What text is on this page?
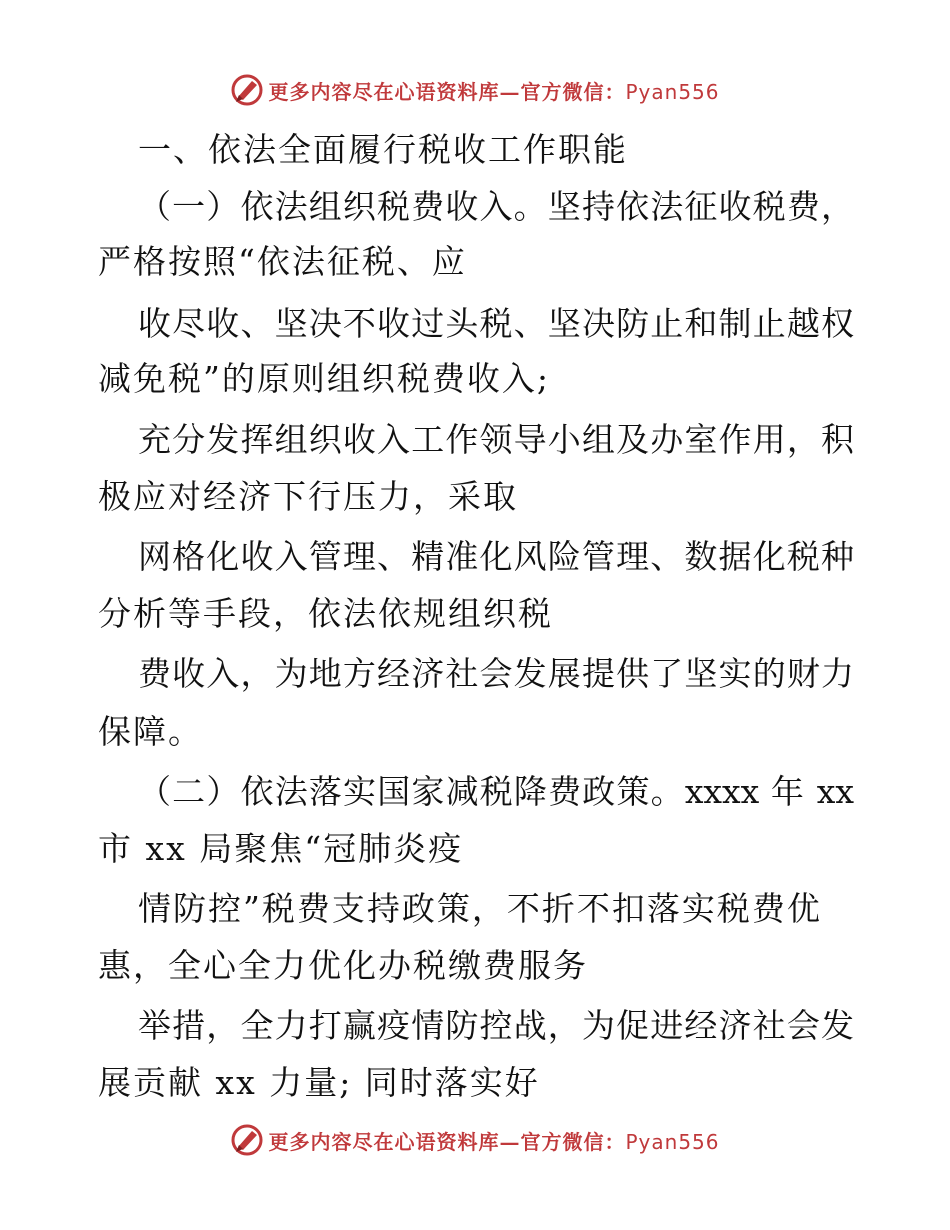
更多内容尽在心语资料库—官方微信：Pyan556
一、依法全面履行税收工作职能
（一）依法组织税费收入。坚持依法征收税费，
严格按照“依法征税、应
收尽收、坚决不收过头税、坚决防止和制止越权
减免税”的原则组织税费收入;
充分发挥组织收入工作领导小组及办室作用，积
极应对经济下行压力，采取
网格化收入管理、精准化风险管理、数据化税种
分析等手段，依法依规组织税
费收入，为地方经济社会发展提供了坚实的财力
保障。
（二）依法落实国家减税降费政策。xxxx 年 xx
市 xx 局聚焦“冠肺炎疫
情防控”税费支持政策，不折不扣落实税费优
惠，全心全力优化办税缴费服务
举措，全力打赢疫情防控战，为促进经济社会发
展贡献 xx 力量; 同时落实好
更多内容尽在心语资料库—官方微信：Pyan556
